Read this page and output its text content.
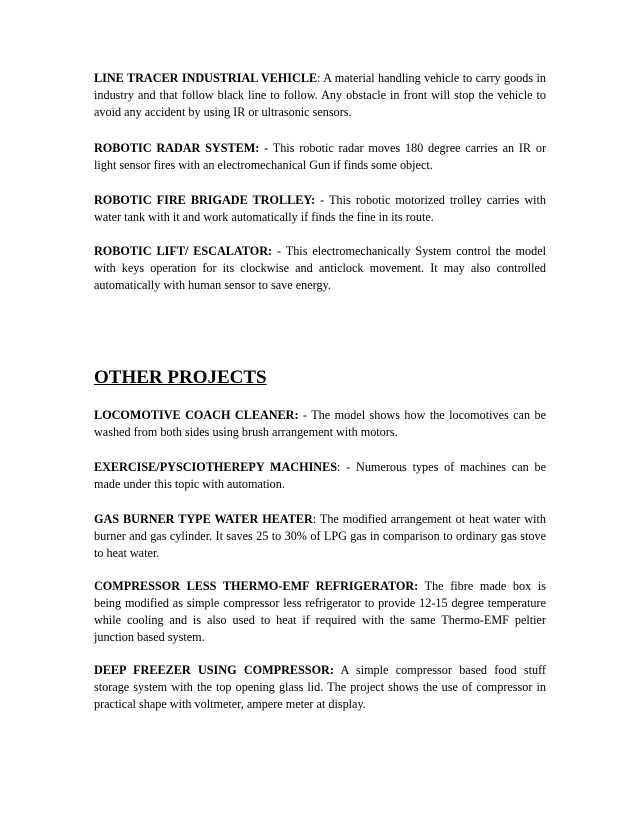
LINE TRACER INDUSTRIAL VEHICLE: A material handling vehicle to carry goods in industry and that follow black line to follow. Any obstacle in front will stop the vehicle to avoid any accident by using IR or ultrasonic sensors.

ROBOTIC RADAR SYSTEM: - This robotic radar moves 180 degree carries an IR or light sensor fires with an electromechanical Gun if finds some object.

ROBOTIC FIRE BRIGADE TROLLEY: - This robotic motorized trolley carries with water tank with it and work automatically if finds the fine in its route.

ROBOTIC LIFT/ ESCALATOR: - This electromechanically System control the model with keys operation for its clockwise and anticlock movement. It may also controlled automatically with human sensor to save energy.

OTHER PROJECTS

LOCOMOTIVE COACH CLEANER: - The model shows how the locomotives can be washed from both sides using brush arrangement with motors.

EXERCISE/PYSCIOTHEREPY MACHINES: - Numerous types of machines can be made under this topic with automation.

GAS BURNER TYPE WATER HEATER: The modified arrangement ot heat water with burner and gas cylinder. It saves 25 to 30% of LPG gas in comparison to ordinary gas stove to heat water.

COMPRESSOR LESS THERMO-EMF REFRIGERATOR: The fibre made box is being modified as simple compressor less refrigerator to provide 12-15 degree temperature while cooling and is also used to heat if required with the same Thermo-EMF peltier junction based system.

DEEP FREEZER USING COMPRESSOR: A simple compressor based food stuff storage system with the top opening glass lid. The project shows the use of compressor in practical shape with voltmeter, ampere meter at display.
